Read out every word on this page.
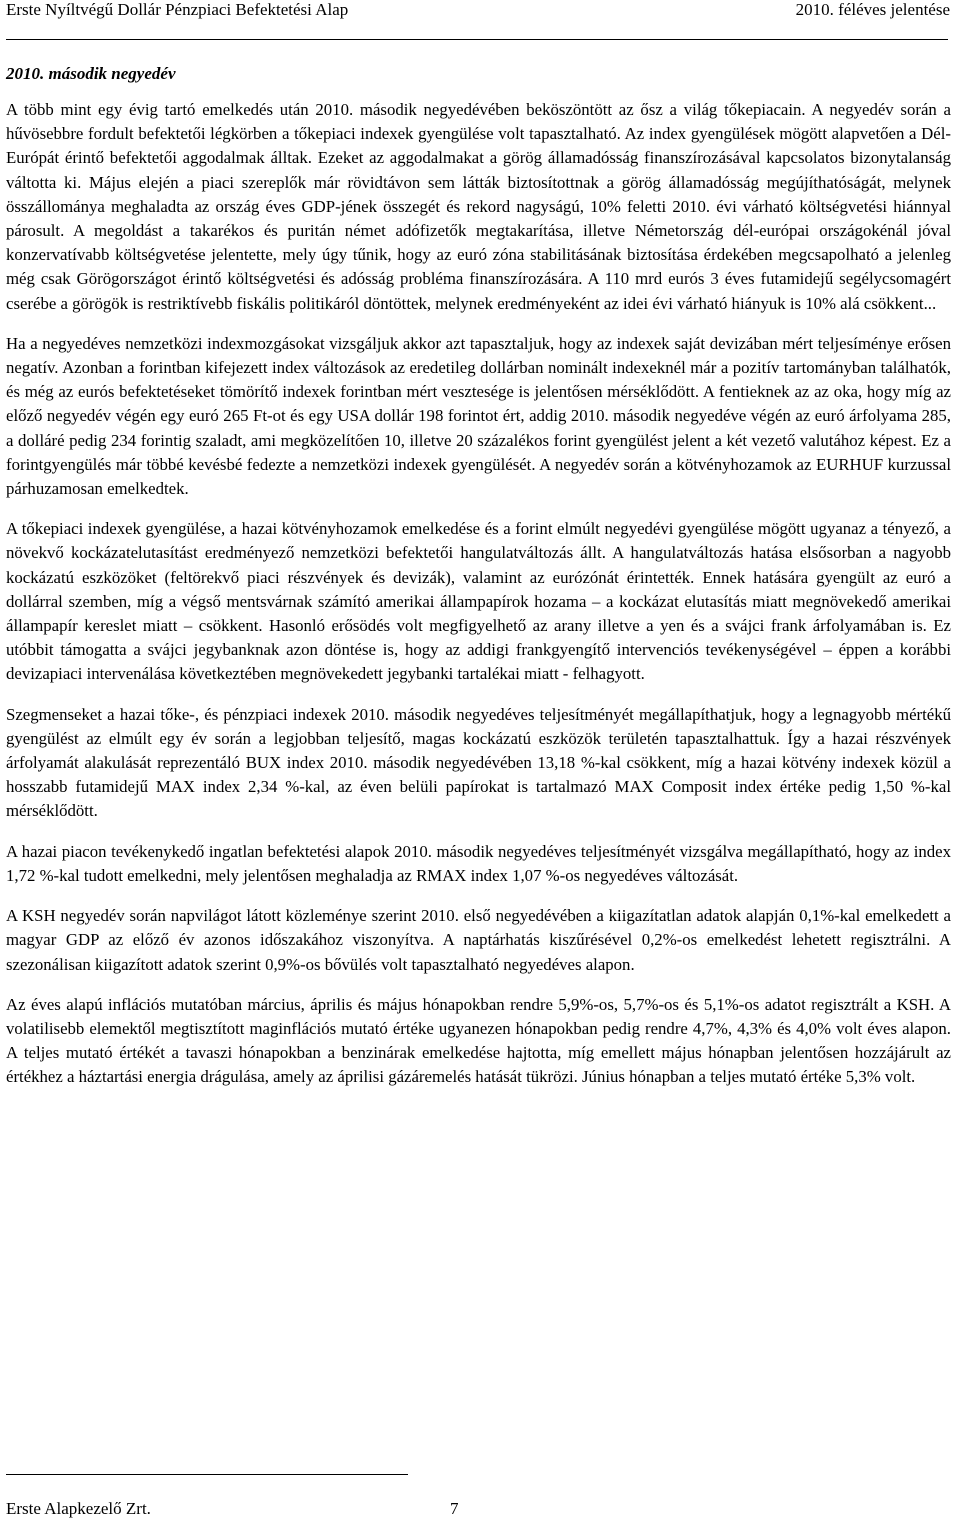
Erste Nyíltvégű Dollár Pénzpiaci Befektetési Alap	2010. féléves jelentése
2010. második negyedév

A több mint egy évig tartó emelkedés után 2010. második negyedévében beköszöntött az ősz a világ tőkepiacain. A negyedév során a hűvösebbre fordult befektetői légkörben a tőkepiaci indexek gyengülése volt tapasztalható. Az index gyengülések mögött alapvetően a Dél-Európát érintő befektetői aggodalmak álltak. Ezeket az aggodalmakat a görög államadósság finanszírozásával kapcsolatos bizonytalanság váltotta ki. Május elején a piaci szereplők már rövidtávon sem látták biztosítottnak a görög államadósság megújíthatóságát, melynek összállománya meghaladta az ország éves GDP-jének összegét és rekord nagyságú, 10% feletti 2010. évi várható költségvetési hiánnyal párosult. A megoldást a takarékos és puritán német adófizetők megtakarítása, illetve Németország dél-európai országokénál jóval konzervatívabb költségvetése jelentette, mely úgy tűnik, hogy az euró zóna stabilitásának biztosítása érdekében megcsapolható a jelenleg még csak Görögországot érintő költségvetési és adósság probléma finanszírozására. A 110 mrd eurós 3 éves futamidejű segélycsomagért cserébe a görögök is restriktívebb fiskális politikáról döntöttek, melynek eredményeként az idei évi várható hiányuk is 10% alá csökkent...

Ha a negyedéves nemzetközi indexmozgásokat vizsgáljuk akkor azt tapasztaljuk, hogy az indexek saját devizában mért teljesíménye erősen negatív. Azonban a forintban kifejezett index változások az eredetileg dollárban nominált indexeknél már a pozitív tartományban találhatók, és még az eurós befektetéseket tömörítő indexek forintban mért vesztesége is jelentősen mérséklődött. A fentieknek az az oka, hogy míg az előző negyedév végén egy euró 265 Ft-ot és egy USA dollár 198 forintot ért, addig 2010. második negyedéve végén az euró árfolyama 285, a dolláré pedig 234 forintig szaladt, ami megközelítően 10, illetve 20 százalékos forint gyengülést jelent a két vezető valutához képest. Ez a forintgyengülés már többé kevésbé fedezte a nemzetközi indexek gyengülését. A negyedév során a kötvényhozamok az EURHUF kurzussal párhuzamosan emelkedtek.

A tőkepiaci indexek gyengülése, a hazai kötvényhozamok emelkedése és a forint elmúlt negyedévi gyengülése mögött ugyanaz a tényező, a növekvő kockázatelutasítást eredményező nemzetközi befektetői hangulatváltozás állt. A hangulatváltozás hatása elsősorban a nagyobb kockázatú eszközöket (feltörekvő piaci részvények és devizák), valamint az eurózónát érintették. Ennek hatására gyengült az euró a dollárral szemben, míg a végső mentsvárnak számító amerikai állampapírok hozama – a kockázat elutasítás miatt megnövekedő amerikai állampapír kereslet miatt – csökkent. Hasonló erősödés volt megfigyelhető az arany illetve a yen és a svájci frank árfolyamában is. Ez utóbbit támogatta a svájci jegybanknak azon döntése is, hogy az addigi frankgyengítő intervenciós tevékenységével – éppen a korábbi devizapiaci intervenálása következtében megnövekedett jegybanki tartalékai miatt - felhagyott.

Szegmenseket a hazai tőke-, és pénzpiaci indexek 2010. második negyedéves teljesítményét megállapíthatjuk, hogy a legnagyobb mértékű gyengülést az elmúlt egy év során a legjobban teljesítő, magas kockázatú eszközök területén tapasztalhattuk. Így a hazai részvények árfolyamát alakulását reprezentáló BUX index 2010. második negyedévében 13,18 %-kal csökkent, míg a hazai kötvény indexek közül a hosszabb futamidejű MAX index 2,34 %-kal, az éven belüli papírokat is tartalmazó MAX Composit index értéke pedig 1,50 %-kal mérséklődött.

A hazai piacon tevékenykedő ingatlan befektetési alapok 2010. második negyedéves teljesítményét vizsgálva megállapítható, hogy az index 1,72 %-kal tudott emelkedni, mely jelentősen meghaladja az RMAX index 1,07 %-os negyedéves változását.

A KSH negyedév során napvilágot látott közleménye szerint 2010. első negyedévében a kiigazítatlan adatok alapján 0,1%-kal emelkedett a magyar GDP az előző év azonos időszakához viszonyítva. A naptárhatás kiszűrésével 0,2%-os emelkedést lehetett regisztrálni. A szezonálisan kiigazított adatok szerint 0,9%-os bővülés volt tapasztalható negyedéves alapon.

Az éves alapú inflációs mutatóban március, április és május hónapokban rendre 5,9%-os, 5,7%-os és 5,1%-os adatot regisztrált a KSH. A volatilisebb elemektől megtisztított maginflációs mutató értéke ugyanezen hónapokban pedig rendre 4,7%, 4,3% és 4,0% volt éves alapon. A teljes mutató értékét a tavaszi hónapokban a benzinárak emelkedése hajtotta, míg emellett május hónapban jelentősen hozzájárult az értékhez a háztartási energia drágulása, amely az áprilisi gázáremelés hatását tükrözi. Június hónapban a teljes mutató értéke 5,3% volt.

Erste Alapkezelő Zrt.	7
